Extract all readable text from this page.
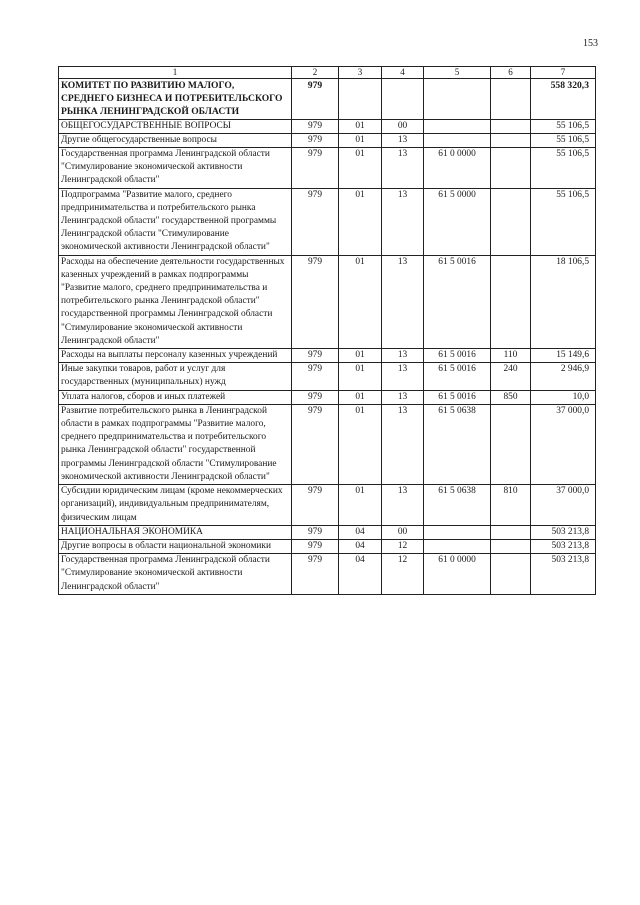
153
1	2	3	4	5	6	7
КОМИТЕТ ПО РАЗВИТИЮ МАЛОГО, СРЕДНЕГО БИЗНЕСА И ПОТРЕБИТЕЛЬСКОГО РЫНКА ЛЕНИНГРАДСКОЙ ОБЛАСТИ	979					558 320,3
ОБЩЕГОСУДАРСТВЕННЫЕ ВОПРОСЫ	979	01	00			55 106,5
Другие общегосударственные вопросы	979	01	13			55 106,5
Государственная программа Ленинградской области "Стимулирование экономической активности Ленинградской области"	979	01	13	61 0 0000		55 106,5
Подпрограмма "Развитие малого, среднего предпринимательства и потребительского рынка Ленинградской области" государственной программы Ленинградской области "Стимулирование экономической активности Ленинградской области"	979	01	13	61 5 0000		55 106,5
Расходы на обеспечение деятельности государственных казенных учреждений в рамках подпрограммы "Развитие малого, среднего предпринимательства и потребительского рынка Ленинградской области" государственной программы Ленинградской области "Стимулирование экономической активности Ленинградской области"	979	01	13	61 5 0016		18 106,5
Расходы на выплаты персоналу казенных учреждений	979	01	13	61 5 0016	110	15 149,6
Иные закупки товаров, работ и услуг для государственных (муниципальных) нужд	979	01	13	61 5 0016	240	2 946,9
Уплата налогов, сборов и иных платежей	979	01	13	61 5 0016	850	10,0
Развитие потребительского рынка в Ленинградской области в рамках подпрограммы "Развитие малого, среднего предпринимательства и потребительского рынка Ленинградской области" государственной программы Ленинградской области "Стимулирование экономической активности Ленинградской области"	979	01	13	61 5 0638		37 000,0
Субсидии юридическим лицам (кроме некоммерческих организаций), индивидуальным предпринимателям, физическим лицам	979	01	13	61 5 0638	810	37 000,0
НАЦИОНАЛЬНАЯ ЭКОНОМИКА	979	04	00			503 213,8
Другие вопросы в области национальной экономики	979	04	12			503 213,8
Государственная программа Ленинградской области "Стимулирование экономической активности Ленинградской области"	979	04	12	61 0 0000		503 213,8
